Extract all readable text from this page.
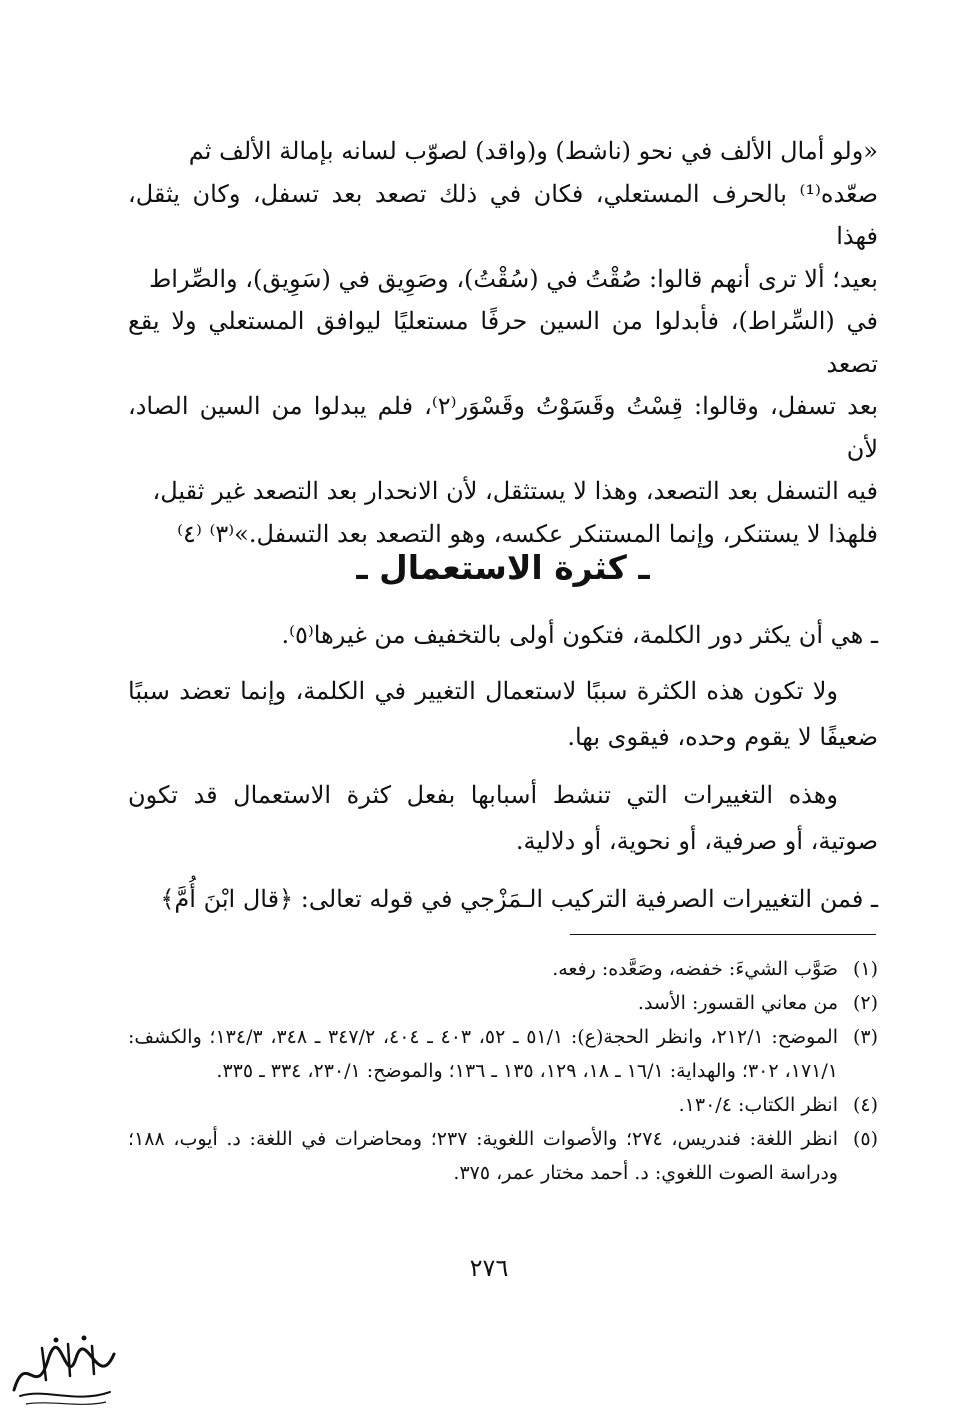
«ولو أمال الألف في نحو (ناشط) و(واقد) لصوّب لسانه بإمالة الألف ثم
صعّده⁽¹⁾ بالحرف المستعلي، فكان في ذلك تصعد بعد تسفل، وكان يثقل، فهذا
بعيد؛ ألا ترى أنهم قالوا: صُقْتُ في (سُقْتُ)، وصَوِيق في (سَوِيق)، والصِّراط
في (السِّراط)، فأبدلوا من السين حرفًا مستعليًا ليوافق المستعلي ولا يقع تصعد
بعد تسفل، وقالوا: قِسْتُ وقَسَوْتُ وقَسْوَر⁽٢⁾، فلم يبدلوا من السين الصاد، لأن
فيه التسفل بعد التصعد، وهذا لا يستثقل، لأن الانحدار بعد التصعد غير ثقيل،
فلهذا لا يستنكر، وإنما المستنكر عكسه، وهو التصعد بعد التسفل.»⁽٣⁾ ⁽٤⁾
ـ كثرة الاستعمال ـ
ـ هي أن يكثر دور الكلمة، فتكون أولى بالتخفيف من غيرها⁽٥⁾.
ولا تكون هذه الكثرة سببًا لاستعمال التغيير في الكلمة، وإنما تعضد سببًا ضعيفًا لا يقوم وحده، فيقوى بها.
وهذه التغييرات التي تنشط أسبابها بفعل كثرة الاستعمال قد تكون صوتية، أو صرفية، أو نحوية، أو دلالية.
ـ فمن التغييرات الصرفية التركيب الـمَزْجي في قوله تعالى: ﴿قال ابْنَ أُمَّ﴾
(١)
صَوَّب الشيءَ: خفضه، وصَعَّده: رفعه.
(٢)
من معاني القسور: الأسد.
(٣)
الموضح: ٢١٢/١، وانظر الحجة(ع): ٥١/١ ـ ٥٢، ٤٠٣ ـ ٤٠٤، ٣٤٧/٢ ـ ٣٤٨، ١٣٤/٣؛ والكشف: ١٧١/١، ٣٠٢؛ والهداية: ١٦/١ ـ ١٨، ١٢٩، ١٣٥ ـ ١٣٦؛ والموضح: ٢٣٠/١، ٣٣٤ ـ ٣٣٥.
(٤)
انظر الكتاب: ١٣٠/٤.
(٥)
انظر اللغة: فندريس، ٢٧٤؛ والأصوات اللغوية: ٢٣٧؛ ومحاضرات في اللغة: د. أيوب، ١٨٨؛ ودراسة الصوت اللغوي: د. أحمد مختار عمر، ٣٧٥.
٢٧٦
